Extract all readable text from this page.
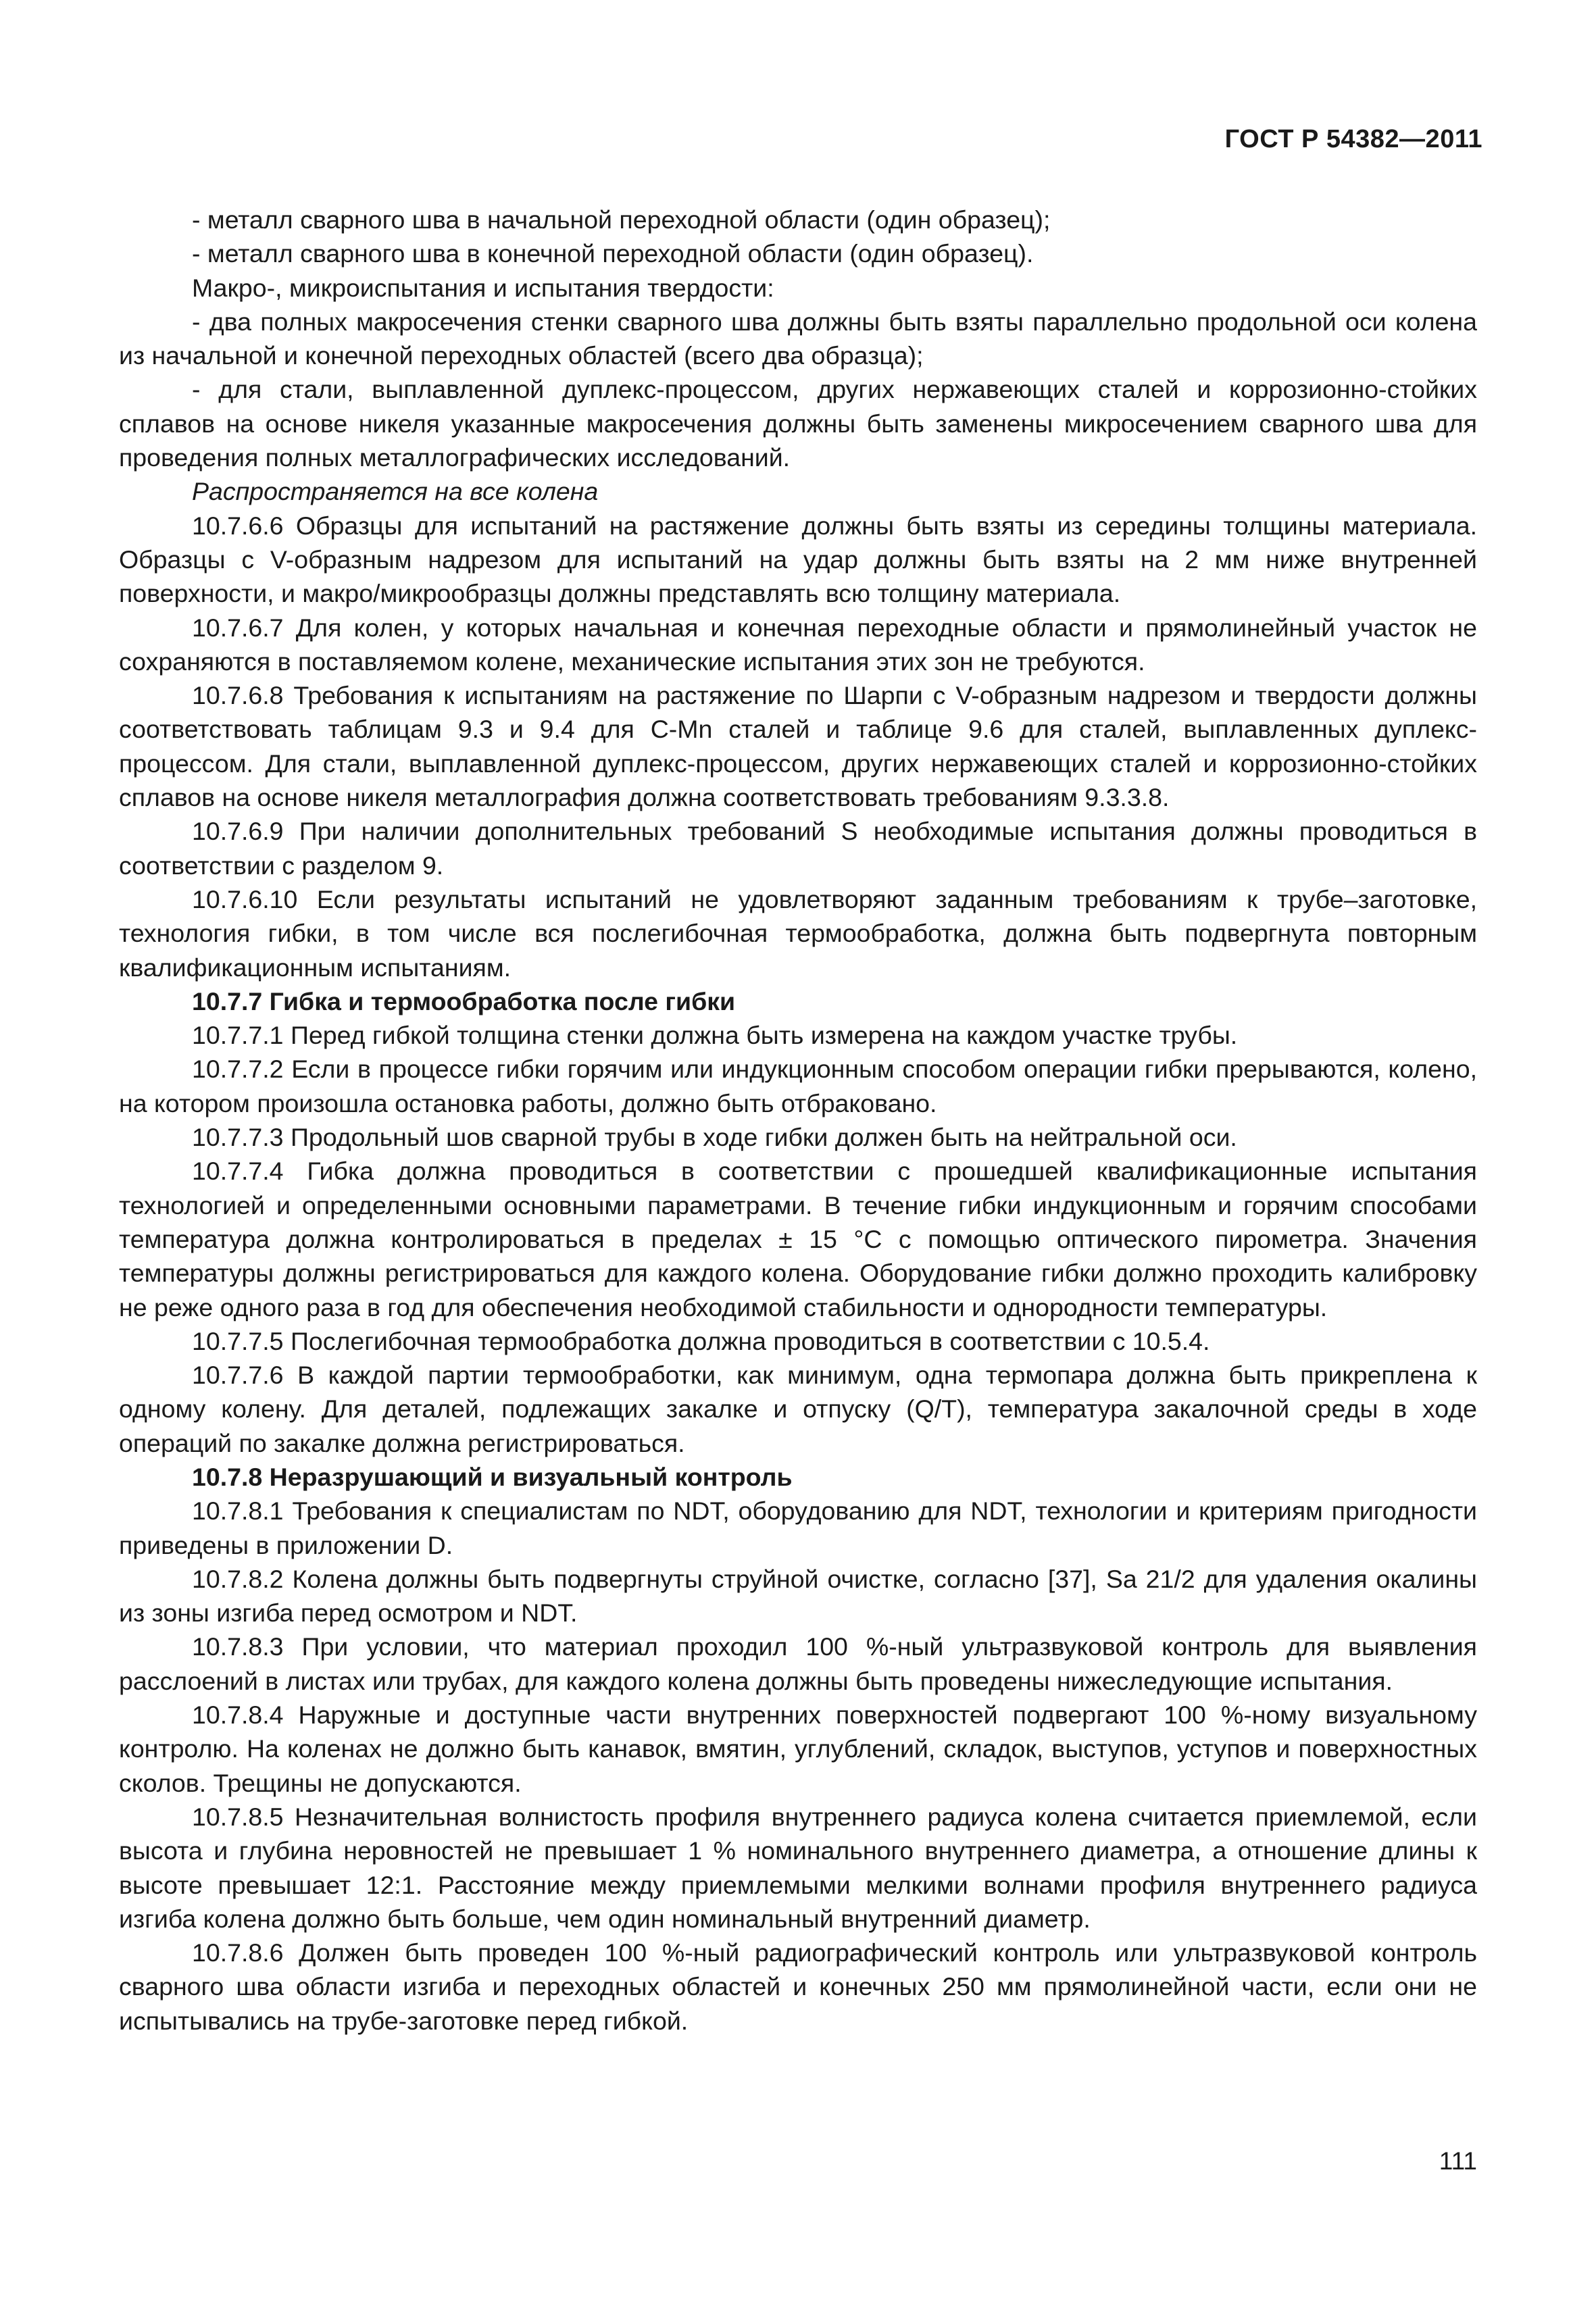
ГОСТ Р 54382—2011

- металл сварного шва в начальной переходной области (один образец);

- металл сварного шва в конечной переходной области (один образец).

Макро-, микроиспытания и испытания твердости:

- два полных макросечения стенки сварного шва должны быть взяты параллельно продольной оси колена из начальной и конечной переходных областей (всего два образца);

- для стали, выплавленной дуплекс-процессом, других нержавеющих сталей и коррозионно-стойких сплавов на основе никеля указанные макросечения должны быть заменены микросечением сварного шва для проведения полных металлографических исследований.

Распространяется на все колена

10.7.6.6 Образцы для испытаний на растяжение должны быть взяты из середины толщины материала. Образцы с V-образным надрезом для испытаний на удар должны быть взяты на 2 мм ниже внутренней поверхности, и макро/микрообразцы должны представлять всю толщину материала.

10.7.6.7 Для колен, у которых начальная и конечная переходные области и прямолинейный участок не сохраняются в поставляемом колене, механические испытания этих зон не требуются.

10.7.6.8 Требования к испытаниям на растяжение по Шарпи с V-образным надрезом и твердости должны соответствовать таблицам 9.3 и 9.4 для C-Mn сталей и таблице 9.6 для сталей, выплавленных дуплекс-процессом. Для стали, выплавленной дуплекс-процессом, других нержавеющих сталей и коррозионно-стойких сплавов на основе никеля металлография должна соответствовать требованиям 9.3.3.8.

10.7.6.9 При наличии дополнительных требований S необходимые испытания должны проводиться в соответствии с разделом 9.

10.7.6.10 Если результаты испытаний не удовлетворяют заданным требованиям к трубе–заготовке, технология гибки, в том числе вся послегибочная термообработка, должна быть подвергнута повторным квалификационным испытаниям.

10.7.7 Гибка и термообработка после гибки

10.7.7.1 Перед гибкой толщина стенки должна быть измерена на каждом участке трубы.

10.7.7.2 Если в процессе гибки горячим или индукционным способом операции гибки прерываются, колено, на котором произошла остановка работы, должно быть отбраковано.

10.7.7.3 Продольный шов сварной трубы в ходе гибки должен быть на нейтральной оси.

10.7.7.4 Гибка должна проводиться в соответствии с прошедшей квалификационные испытания технологией и определенными основными параметрами. В течение гибки индукционным и горячим способами температура должна контролироваться в пределах ± 15 °С с помощью оптического пирометра. Значения температуры должны регистрироваться для каждого колена. Оборудование гибки должно проходить калибровку не реже одного раза в год для обеспечения необходимой стабильности и однородности температуры.

10.7.7.5 Послегибочная термообработка должна проводиться в соответствии с 10.5.4.

10.7.7.6 В каждой партии термообработки, как минимум, одна термопара должна быть прикреплена к одному колену. Для деталей, подлежащих закалке и отпуску (Q/T), температура закалочной среды в ходе операций по закалке должна регистрироваться.

10.7.8 Неразрушающий и визуальный контроль

10.7.8.1 Требования к специалистам по NDT, оборудованию для NDT, технологии и критериям пригодности приведены в приложении D.

10.7.8.2 Колена должны быть подвергнуты струйной очистке, согласно [37], Sa 21/2 для удаления окалины из зоны изгиба перед осмотром и NDT.

10.7.8.3 При условии, что материал проходил 100 %-ный ультразвуковой контроль для выявления расслоений в листах или трубах, для каждого колена должны быть проведены нижеследующие испытания.

10.7.8.4 Наружные и доступные части внутренних поверхностей подвергают 100 %-ному визуальному контролю. На коленах не должно быть канавок, вмятин, углублений, складок, выступов, уступов и поверхностных сколов. Трещины не допускаются.

10.7.8.5 Незначительная волнистость профиля внутреннего радиуса колена считается приемлемой, если высота и глубина неровностей не превышает 1 % номинального внутреннего диаметра, а отношение длины к высоте превышает 12:1. Расстояние между приемлемыми мелкими волнами профиля внутреннего радиуса изгиба колена должно быть больше, чем один номинальный внутренний диаметр.

10.7.8.6 Должен быть проведен 100 %-ный радиографический контроль или ультразвуковой контроль сварного шва области изгиба и переходных областей и конечных 250 мм прямолинейной части, если они не испытывались на трубе-заготовке перед гибкой.

111
